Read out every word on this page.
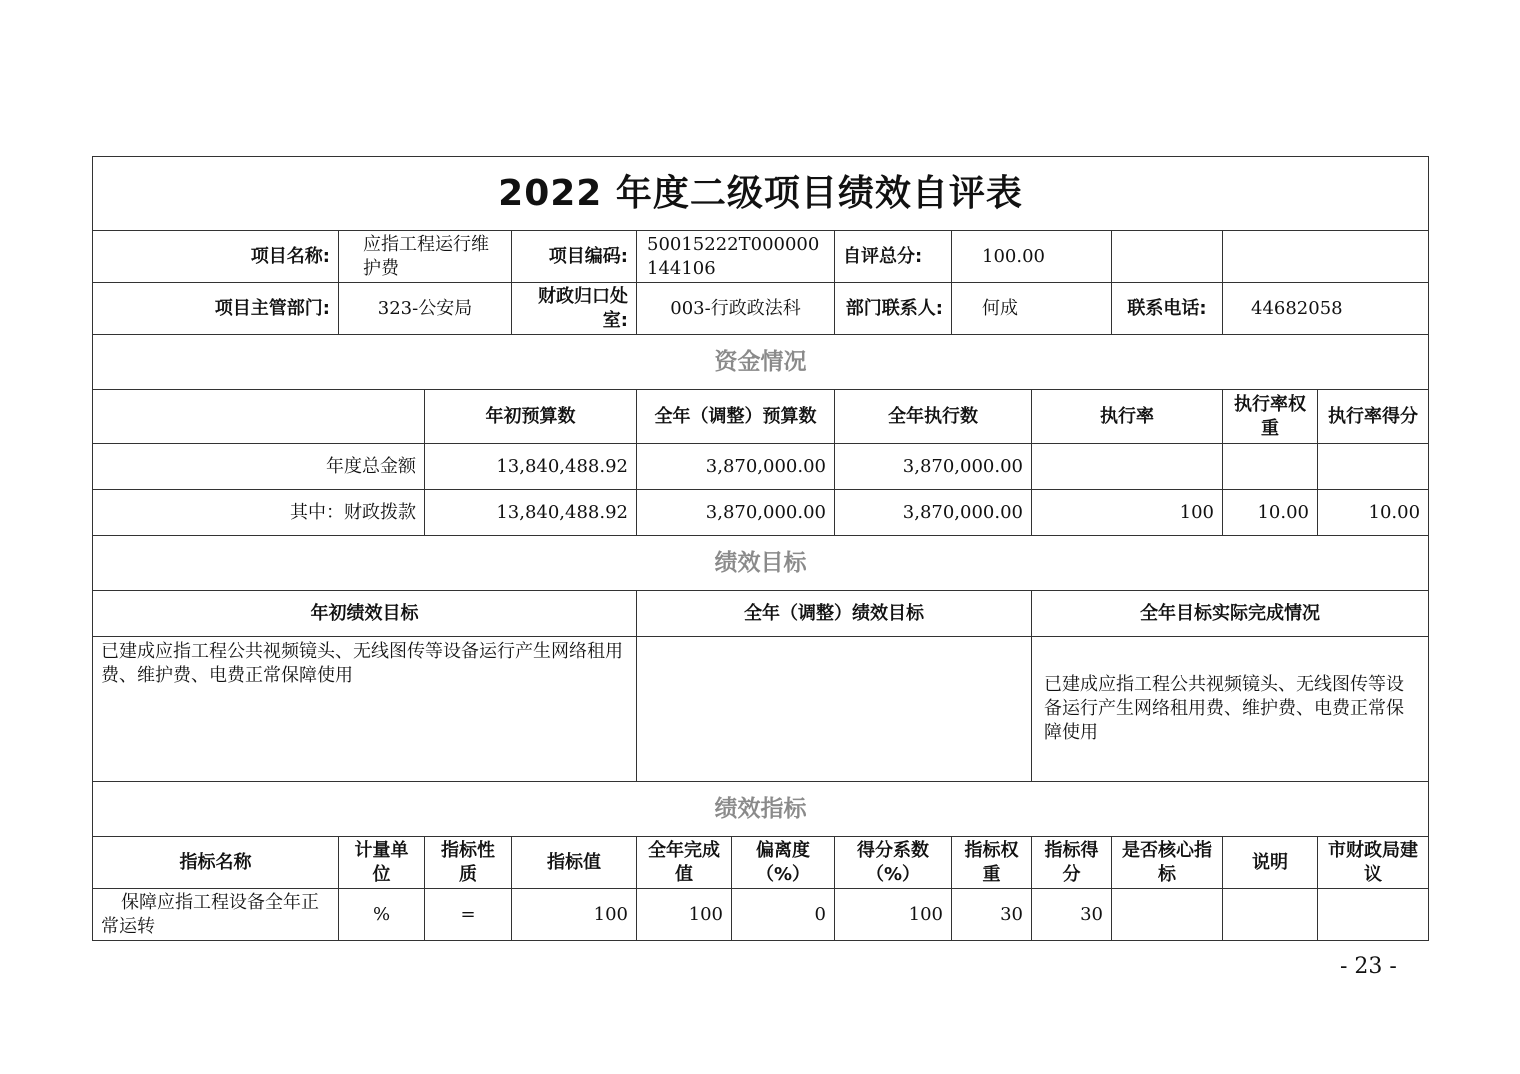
2022 年度二级项目绩效自评表											
项目名称:	应指工程运行维护费		项目编码:	50015222T000000144106		自评总分:	100.00				
项目主管部门:	323-公安局		财政归口处室:	003-行政政法科		部门联系人:	何成		联系电话:	44682058	
资金情况											
		年初预算数		全年（调整）预算数		全年执行数		执行率		执行率权重	执行率得分
年度总金额		13,840,488.92		3,870,000.00		3,870,000.00					
其中：财政拨款		13,840,488.92		3,870,000.00		3,870,000.00		100		10.00	10.00
绩效目标											
年初绩效目标				全年（调整）绩效目标				全年目标实际完成情况			
已建成应指工程公共视频镜头、无线图传等设备运行产生网络租用费、维护费、电费正常保障使用								已建成应指工程公共视频镜头、无线图传等设备运行产生网络租用费、维护费、电费正常保障使用			
绩效指标											
指标名称	计量单位	指标性质	指标值	全年完成值	偏离度（%）	得分系数（%）	指标权重	指标得分	是否核心指标	说明	市财政局建议
保障应指工程设备全年正常运转	%	=	100	100	0	100	30	30			
- 23 -
